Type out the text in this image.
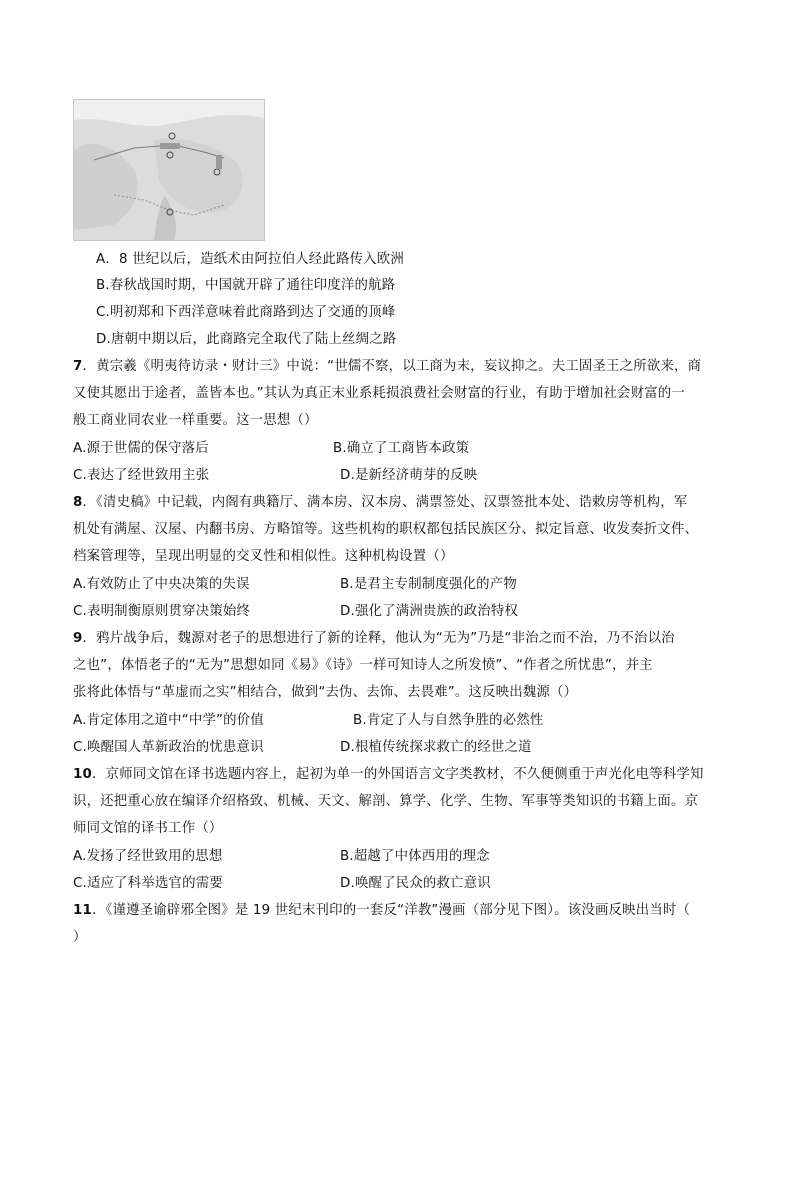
A．8 世纪以后，造纸术由阿拉伯人经此路传入欧洲
B.春秋战国时期，中国就开辟了通往印度洋的航路
C.明初郑和下西洋意味着此商路到达了交通的顶峰
D.唐朝中期以后，此商路完全取代了陆上丝绸之路
7．黄宗羲《明夷待访录・财计三》中说：“世儒不察，以工商为末，妄议抑之。夫工固圣王之所欲来，商
又使其愿出于途者，盖皆本也。”其认为真正末业系耗损浪费社会财富的行业，有助于增加社会财富的一
般工商业同农业一样重要。这一思想（）
A.源于世儒的保守落后	B.确立了工商皆本政策
C.表达了经世致用主张	D.是新经济萌芽的反映
8．《清史稿》中记载，内阁有典籍厅、满本房、汉本房、满票签处、汉票签批本处、诰敕房等机构，军
机处有满屋、汉屋、内翻书房、方略馆等。这些机构的职权都包括民族区分、拟定旨意、收发奏折文件、
档案管理等，呈现出明显的交叉性和相似性。这种机构设置（）
A.有效防止了中央决策的失误	B.是君主专制制度强化的产物
C.表明制衡原则贯穿决策始终	D.强化了满洲贵族的政治特权
9．鸦片战争后，魏源对老子的思想进行了新的诠释，他认为“无为”乃是“非治之而不治，乃不治以治
之也”，体悟老子的“无为”思想如同《易》《诗》一样可知诗人之所发愤”、“作者之所忧患”，并主
张将此体悟与“革虚而之实”相结合，做到“去伪、去饰、去畏难”。这反映出魏源（）
A.肯定体用之道中“中学”的价值	B.肯定了人与自然争胜的必然性
C.唤醒国人革新政治的忧患意识	D.根植传统探求救亡的经世之道
10．京师同文馆在译书选题内容上，起初为单一的外国语言文字类教材，不久便侧重于声光化电等科学知
识，还把重心放在编译介绍格致、机械、天文、解剖、算学、化学、生物、军事等类知识的书籍上面。京
师同文馆的译书工作（）
A.发扬了经世致用的思想	B.超越了中体西用的理念
C.适应了科举选官的需要	D.唤醒了民众的救亡意识
11．《谨遵圣谕辟邪全图》是 19 世纪末刊印的一套反“洋教”漫画（部分见下图）。该没画反映出当时（
）
